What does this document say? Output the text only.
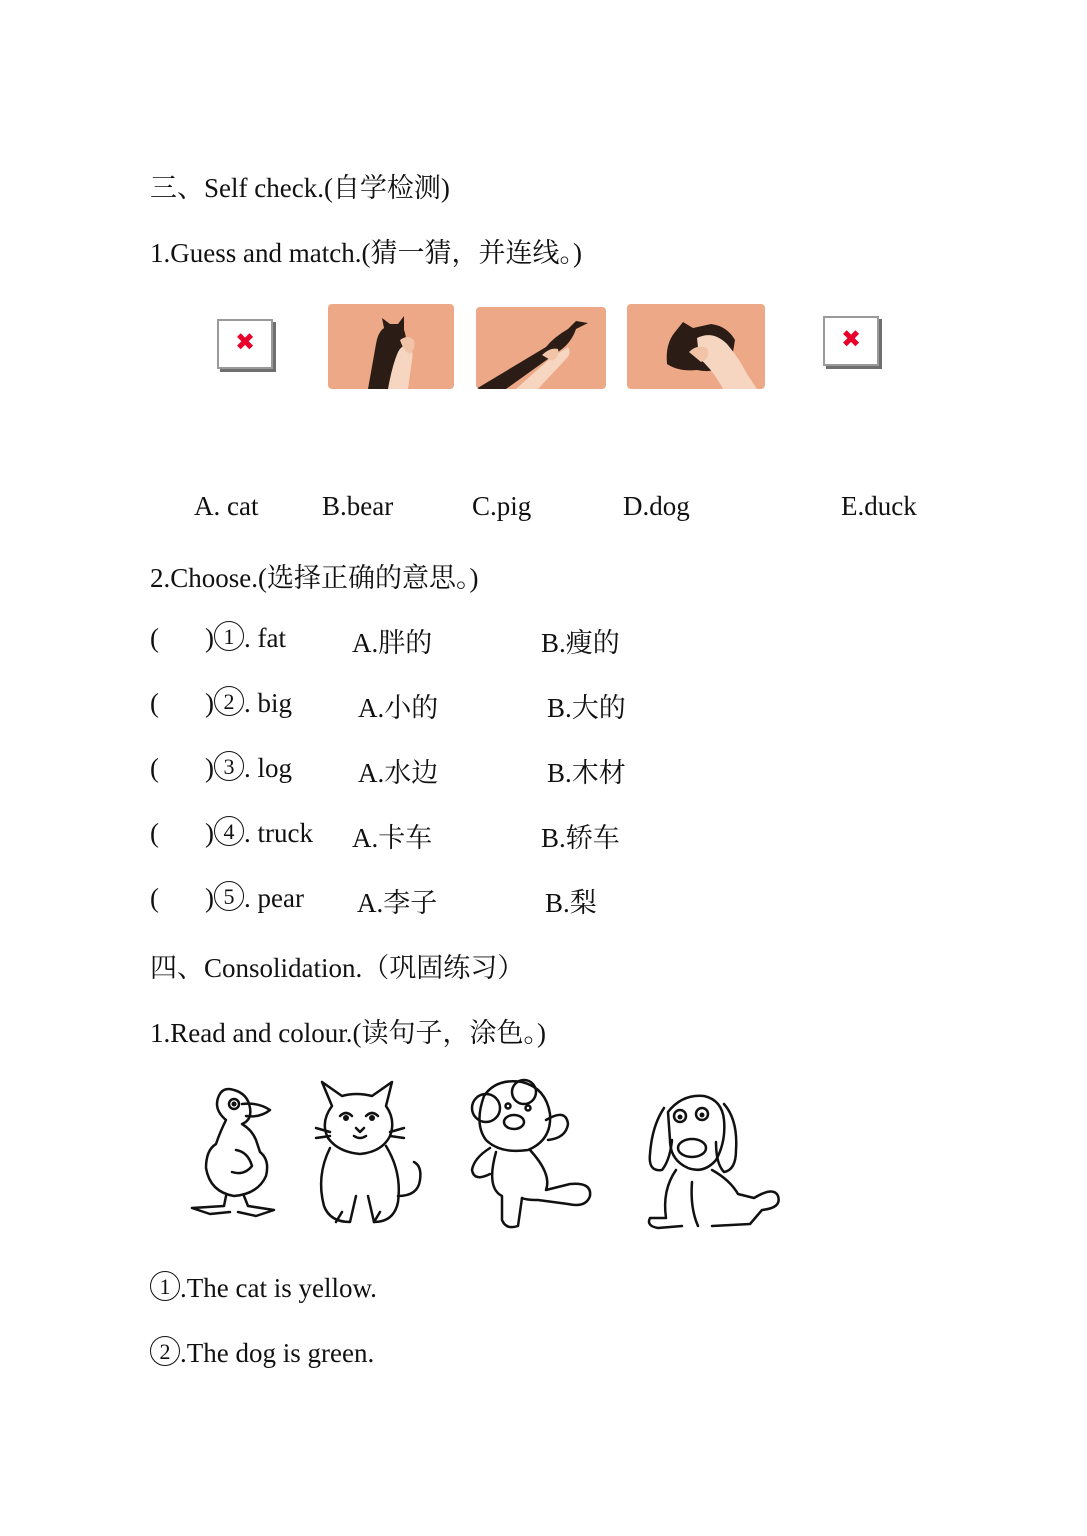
三、Self check.(自学检测)
1.Guess and match.(猜一猜，并连线。)
✖	✖
A. cat B.bear	C.pig	D.dog	E.duck
2.Choose.(选择正确的意思。)
( ) 1 . fat A.胖的	B.瘦的
( ) 2 . big A.小的	B.大的
( ) 3 . log A.水边	B.木材
( ) 4 . truck A.卡车	B.轿车
( ) 5 . pear A.李子	B.梨
四、Consolidation.（巩固练习）
1.Read and colour.(读句子，涂色。)
1 .The cat is yellow.
2 .The dog is green.
